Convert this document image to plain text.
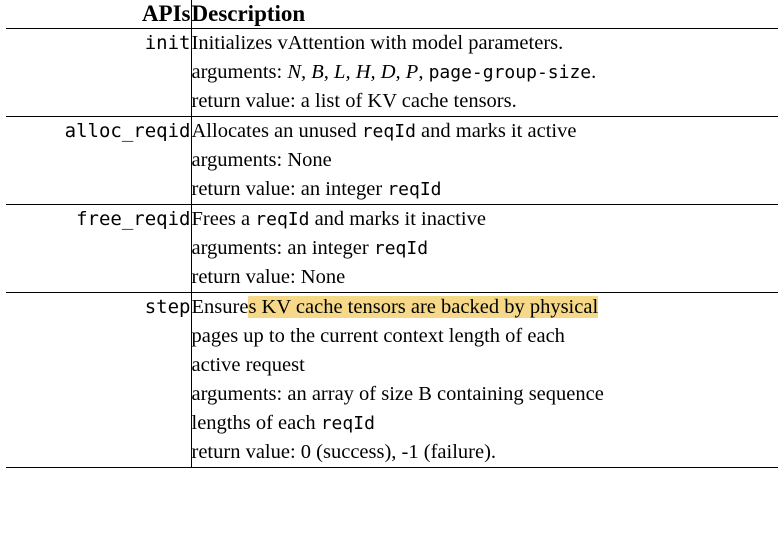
APIs	Description
init	Initializes vAttention with model parameters.
arguments: N, B, L, H, D, P, page-group-size.
return value: a list of KV cache tensors.

alloc_reqid	Allocates an unused reqId and marks it active
arguments: None
return value: an integer reqId

free_reqid	Frees a reqId and marks it inactive
arguments: an integer reqId
return value: None

step	Ensures KV cache tensors are backed by physical
pages up to the current context length of each
active request
arguments: an array of size B containing sequence
lengths of each reqId
return value: 0 (success), -1 (failure).
